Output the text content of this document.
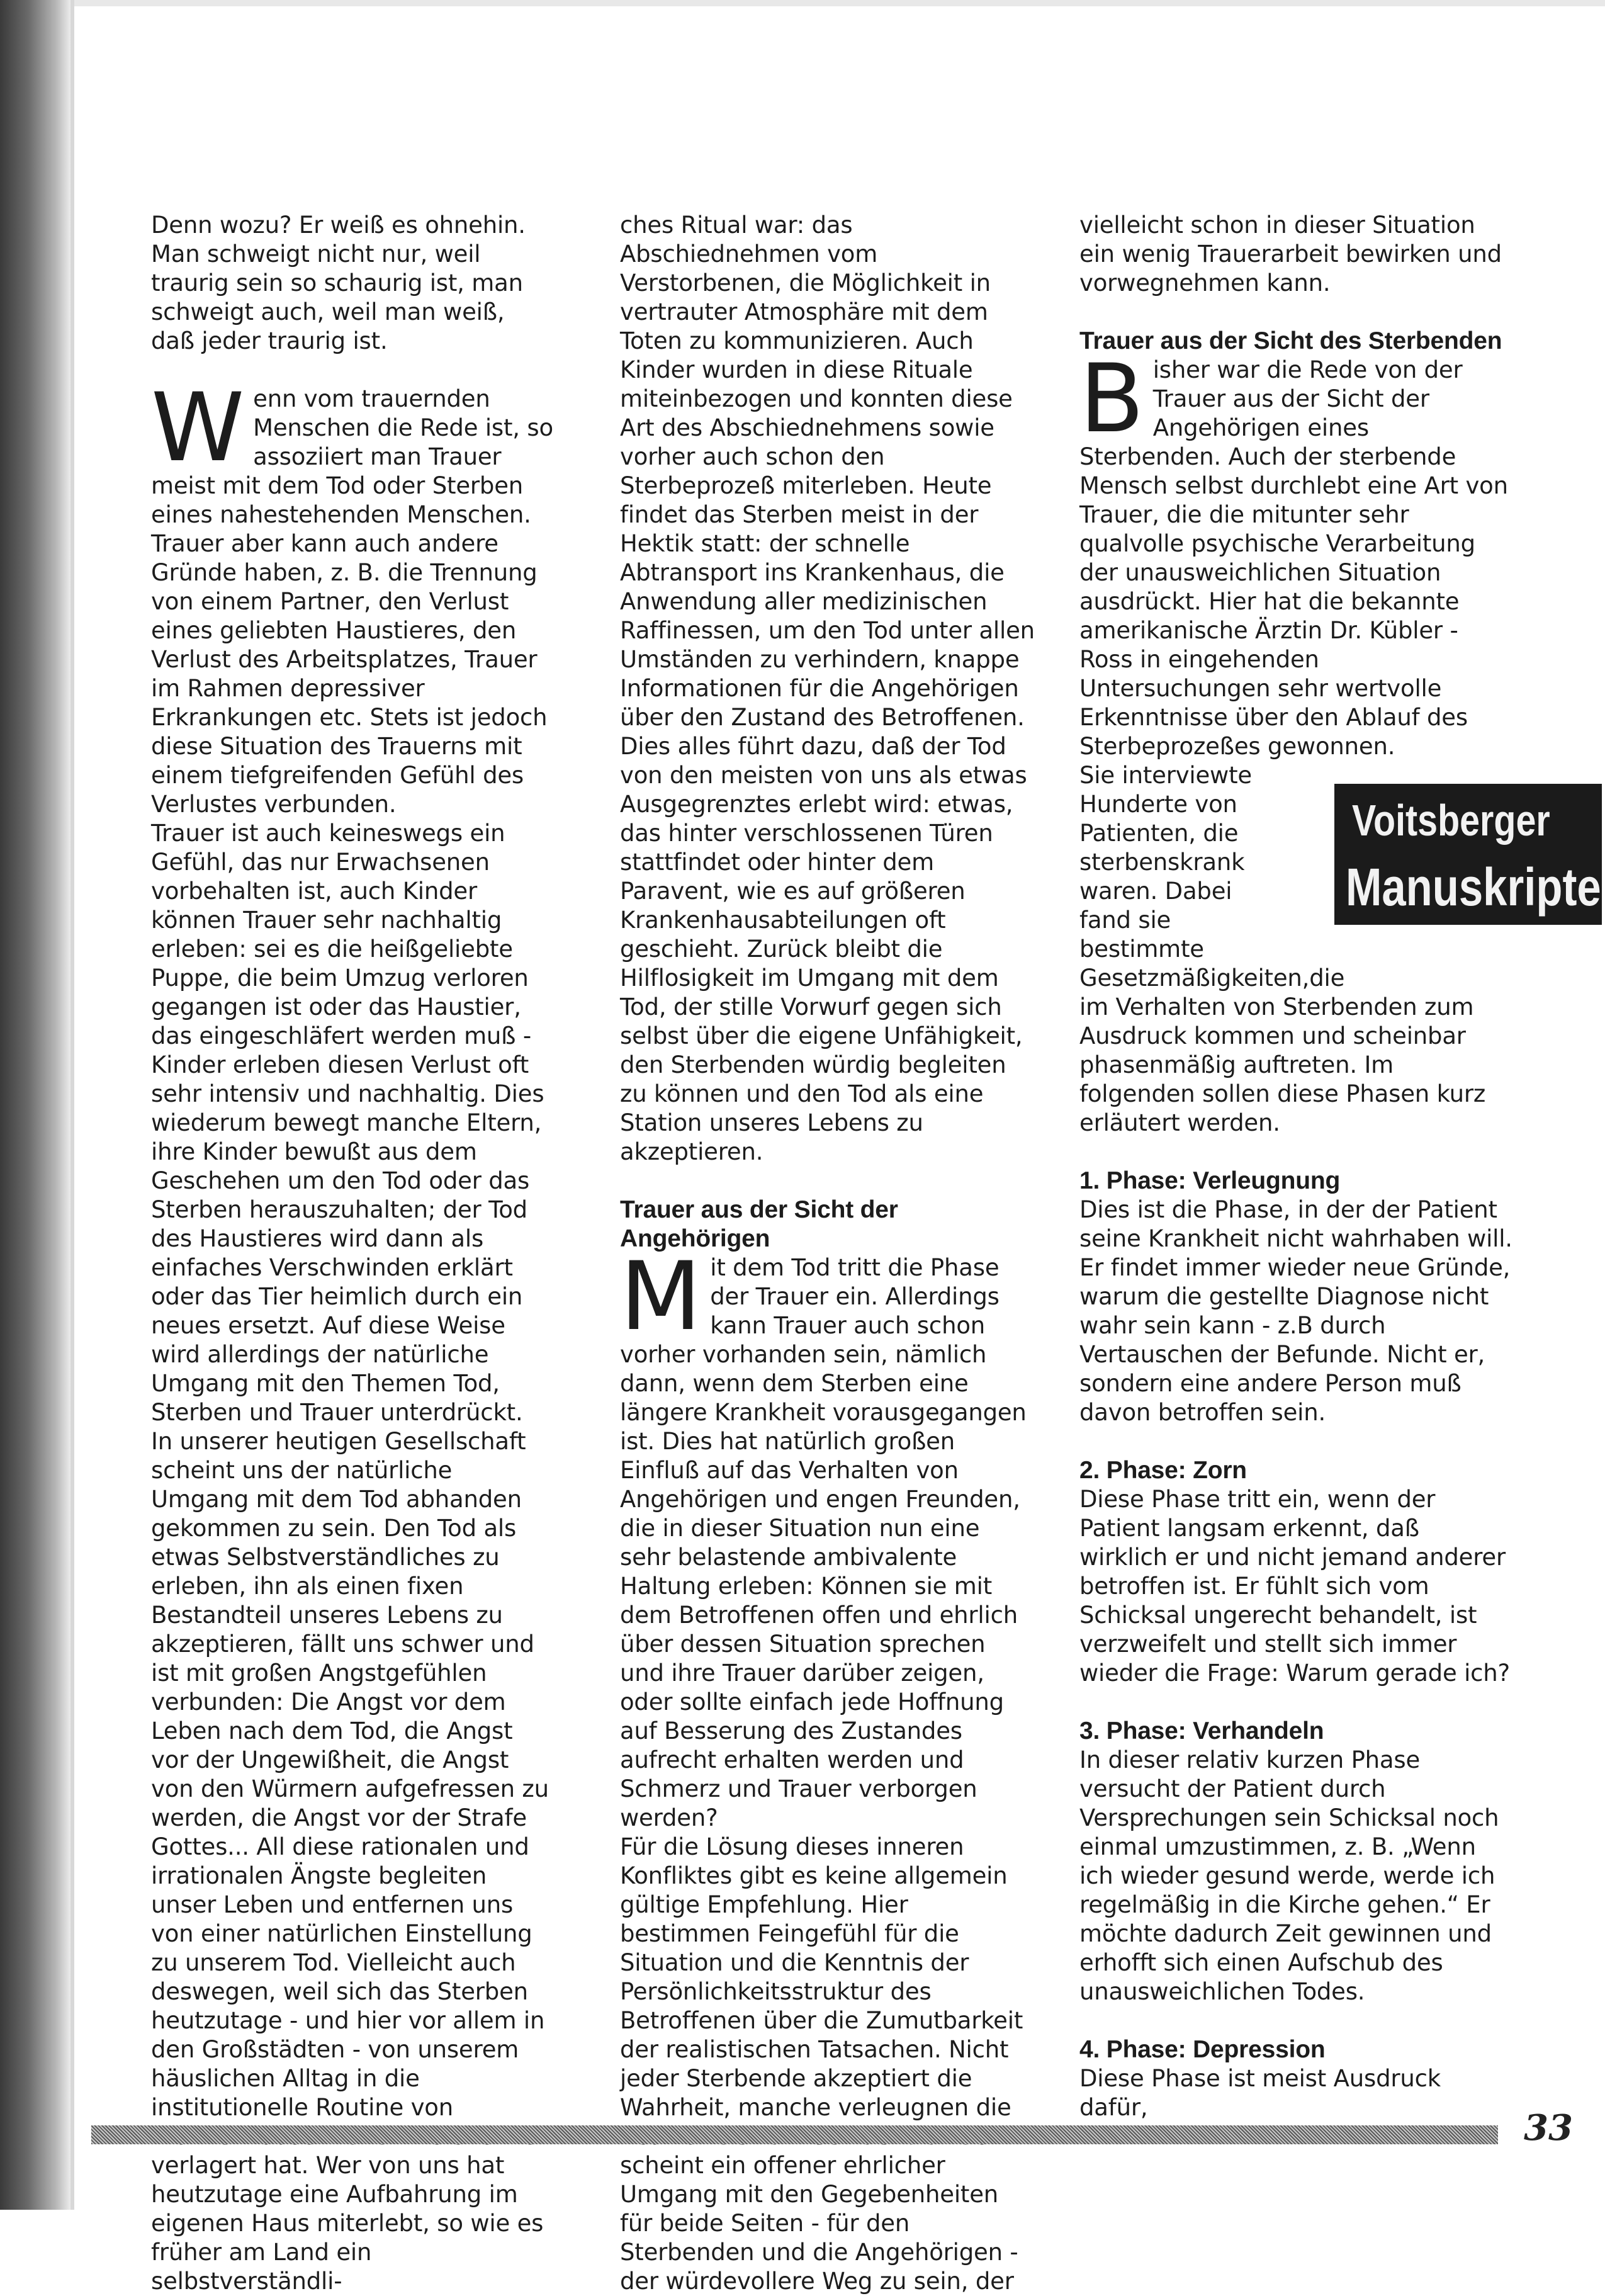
Denn wozu? Er weiß es ohnehin. Man schweigt nicht nur, weil traurig sein so schaurig ist, man schweigt auch, weil man weiß, daß jeder traurig ist.

W enn vom trauernden Menschen die Rede ist, so assoziiert man Trauer meist mit dem Tod oder Sterben eines nahestehenden Menschen. Trauer aber kann auch andere Gründe haben, z. B. die Trennung von einem Partner, den Verlust eines geliebten Haustieres, den Verlust des Arbeitsplatzes, Trauer im Rahmen depressiver Erkrankungen etc. Stets ist jedoch diese Situation des Trauerns mit einem tiefgreifenden Gefühl des Verlustes verbunden.

Trauer ist auch keineswegs ein Gefühl, das nur Erwachsenen vorbehalten ist, auch Kinder können Trauer sehr nachhaltig erleben: sei es die heißgeliebte Puppe, die beim Umzug verloren gegangen ist oder das Haustier, das eingeschläfert werden muß - Kinder erleben diesen Verlust oft sehr intensiv und nachhaltig. Dies wiederum bewegt manche Eltern, ihre Kinder bewußt aus dem Geschehen um den Tod oder das Sterben herauszuhalten; der Tod des Haustieres wird dann als einfaches Verschwinden erklärt oder das Tier heimlich durch ein neues ersetzt. Auf diese Weise wird allerdings der natürliche Umgang mit den Themen Tod, Sterben und Trauer unterdrückt.

In unserer heutigen Gesellschaft scheint uns der natürliche Umgang mit dem Tod abhanden gekommen zu sein. Den Tod als etwas Selbstverständliches zu erleben, ihn als einen fixen Bestandteil unseres Lebens zu akzeptieren, fällt uns schwer und ist mit großen Angstgefühlen verbunden: Die Angst vor dem Leben nach dem Tod, die Angst vor der Ungewißheit, die Angst von den Würmern aufgefressen zu werden, die Angst vor der Strafe Gottes... All diese rationalen und irrationalen Ängste begleiten unser Leben und entfernen uns von einer natürlichen Einstellung zu unserem Tod. Vielleicht auch deswegen, weil sich das Sterben heutzutage - und hier vor allem in den Großstädten - von unserem häuslichen Alltag in die institutionelle Routine von verlagert hat. Wer von uns hat heutzutage eine Aufbahrung im eigenen Haus miterlebt, so wie es früher am Land ein selbstverständli-

ches Ritual war: das Abschiednehmen vom Verstorbenen, die Möglichkeit in vertrauter Atmosphäre mit dem Toten zu kommunizieren. Auch Kinder wurden in diese Rituale miteinbezogen und konnten diese Art des Abschiednehmens sowie vorher auch schon den Sterbeprozeß miterleben. Heute findet das Sterben meist in der Hektik statt: der schnelle Abtransport ins Krankenhaus, die Anwendung aller medizinischen Raffinessen, um den Tod unter allen Umständen zu verhindern, knappe Informationen für die Angehörigen über den Zustand des Betroffenen. Dies alles führt dazu, daß der Tod von den meisten von uns als etwas Ausgegrenztes erlebt wird: etwas, das hinter verschlossenen Türen stattfindet oder hinter dem Paravent, wie es auf größeren Krankenhausabteilungen oft geschieht. Zurück bleibt die Hilflosigkeit im Umgang mit dem Tod, der stille Vorwurf gegen sich selbst über die eigene Unfähigkeit, den Sterbenden würdig begleiten zu können und den Tod als eine Station unseres Lebens zu akzeptieren.

Trauer aus der Sicht der Angehörigen

M it dem Tod tritt die Phase der Trauer ein. Allerdings kann Trauer auch schon vorher vorhanden sein, nämlich dann, wenn dem Sterben eine längere Krankheit vorausgegangen ist. Dies hat natürlich großen Einfluß auf das Verhalten von Angehörigen und engen Freunden, die in dieser Situation nun eine sehr belastende ambivalente Haltung erleben: Können sie mit dem Betroffenen offen und ehrlich über dessen Situation sprechen und ihre Trauer darüber zeigen, oder sollte einfach jede Hoffnung auf Besserung des Zustandes aufrecht erhalten werden und Schmerz und Trauer verborgen werden?

Für die Lösung dieses inneren Konfliktes gibt es keine allgemein gültige Empfehlung. Hier bestimmen Feingefühl für die Situation und die Kenntnis der Persönlichkeitsstruktur des Betroffenen über die Zumutbarkeit der realistischen Tatsachen. Nicht jeder Sterbende akzeptiert die Wahrheit, manche verleugnen die scheint ein offener ehrlicher Umgang mit den Gegebenheiten für beide Seiten - für den Sterbenden und die Angehörigen - der würdevollere Weg zu sein, der

vielleicht schon in dieser Situation ein wenig Trauerarbeit bewirken und vorwegnehmen kann.

Trauer aus der Sicht des Sterbenden

B isher war die Rede von der Trauer aus der Sicht der Angehörigen eines Sterbenden. Auch der sterbende Mensch selbst durchlebt eine Art von Trauer, die die mitunter sehr qualvolle psychische Verarbeitung der unausweichlichen Situation ausdrückt. Hier hat die bekannte amerikanische Ärztin Dr. Kübler - Ross in eingehenden Untersuchungen sehr wertvolle Erkenntnisse über den Ablauf des Sterbeprozeßes gewonnen.

Sie interviewte Hunderte von Patienten, die sterbenskrank waren. Dabei fand sie bestimmte Gesetzmäßigkeiten,die

im Verhalten von Sterbenden zum Ausdruck kommen und scheinbar phasenmäßig auftreten. Im folgenden sollen diese Phasen kurz erläutert werden.

1. Phase: Verleugnung

Dies ist die Phase, in der der Patient seine Krankheit nicht wahrhaben will. Er findet immer wieder neue Gründe, warum die gestellte Diagnose nicht wahr sein kann - z.B durch Vertauschen der Befunde. Nicht er, sondern eine andere Person muß davon betroffen sein.

2. Phase: Zorn

Diese Phase tritt ein, wenn der Patient langsam erkennt, daß wirklich er und nicht jemand anderer betroffen ist. Er fühlt sich vom Schicksal ungerecht behandelt, ist verzweifelt und stellt sich immer wieder die Frage: Warum gerade ich?

3. Phase: Verhandeln

In dieser relativ kurzen Phase versucht der Patient durch Versprechungen sein Schicksal noch einmal umzustimmen, z. B. „Wenn ich wieder gesund werde, werde ich regelmäßig in die Kirche gehen.“ Er möchte dadurch Zeit gewinnen und erhofft sich einen Aufschub des unausweichlichen Todes.

4. Phase: Depression

Diese Phase ist meist Ausdruck dafür,

Voitsberger
Manuskripte
33
